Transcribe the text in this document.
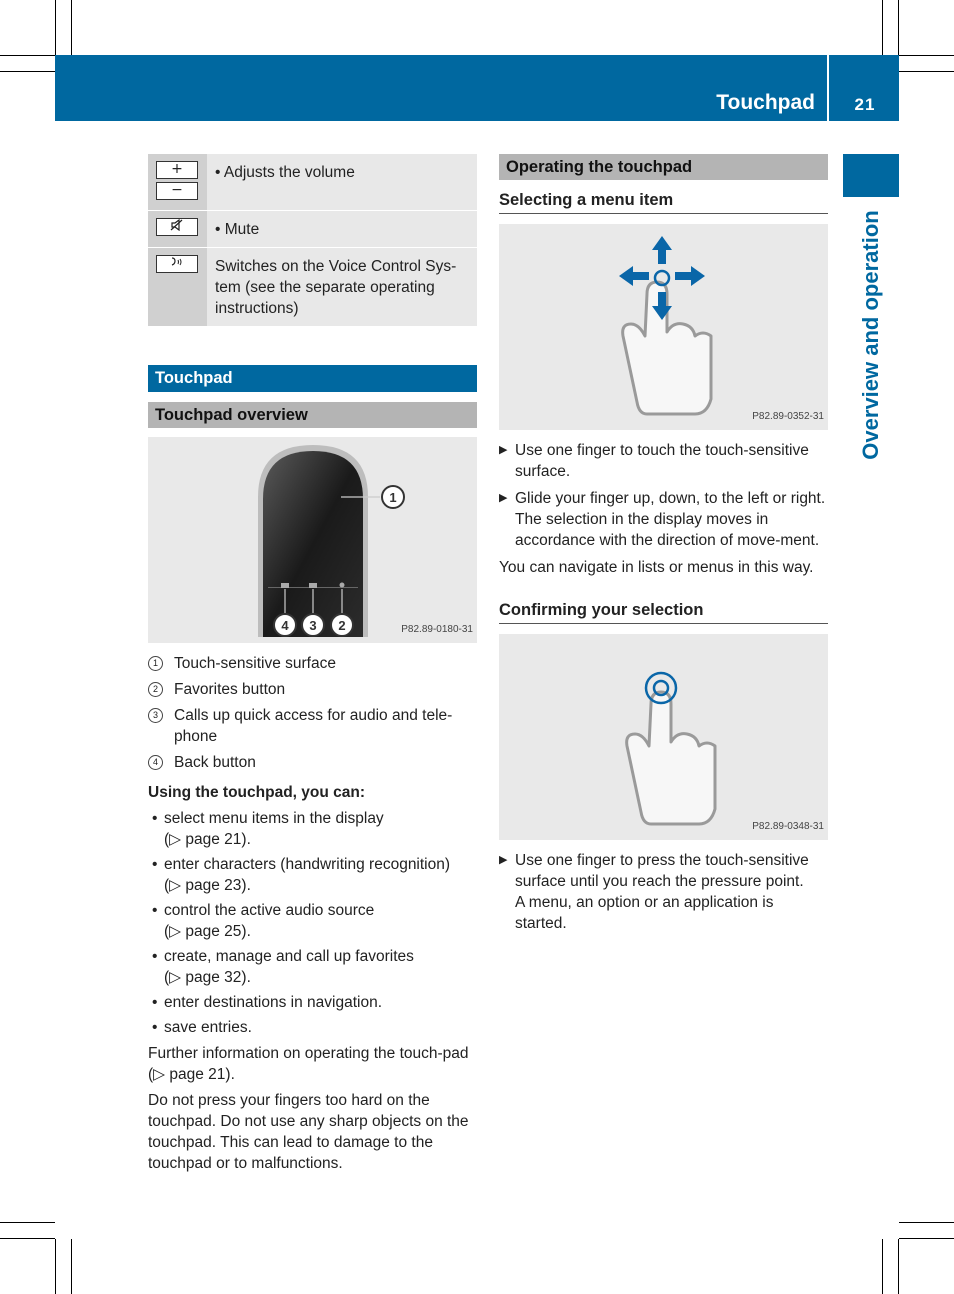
Touchpad	21
Overview and operation
+
−	• Adjusts the volume

	• Mute

	Switches on the Voice Control Sys-tem (see the separate operating instructions)
Touchpad
Touchpad overview
1
4 3 2	P82.89-0180-31
1	Touch-sensitive surface
2	Favorites button
3	Calls up quick access for audio and tele-phone
4	Back button

Using the touchpad, you can:

• select menu items in the display
(▷ page 21).
• enter characters (handwriting recognition)
(▷ page 23).
• control the active audio source
(▷ page 25).
• create, manage and call up favorites
(▷ page 32).
• enter destinations in navigation.
• save entries.

Further information on operating the touch-pad (▷ page 21).

Do not press your fingers too hard on the touchpad. Do not use any sharp objects on the touchpad. This can lead to damage to the touchpad or to malfunctions.

Operating the touchpad
Selecting a menu item
P82.89-0352-31
▶ Use one finger to touch the touch-sensitive surface.
▶ Glide your finger up, down, to the left or right.
The selection in the display moves in accordance with the direction of move-ment.

You can navigate in lists or menus in this way.

Confirming your selection
P82.89-0348-31
▶ Use one finger to press the touch-sensitive surface until you reach the pressure point.
A menu, an option or an application is started.
